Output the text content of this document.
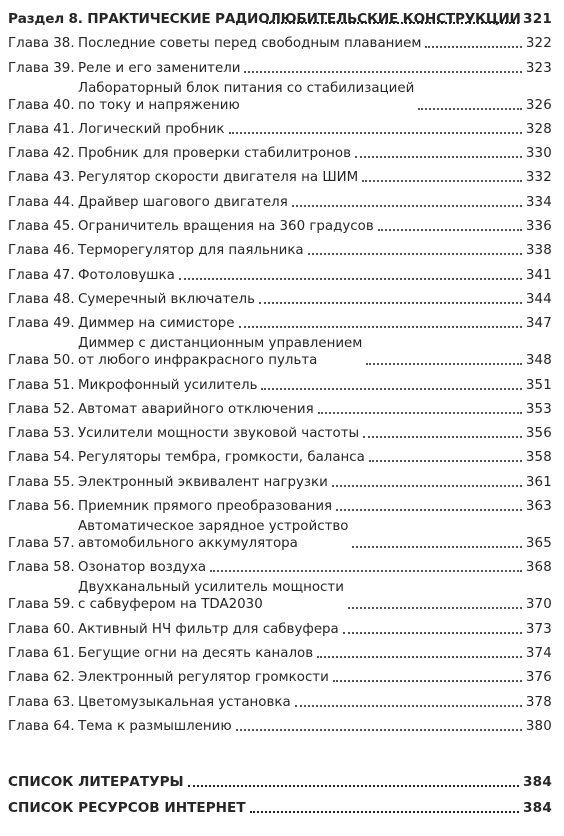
Раздел 8. ПРАКТИЧЕСКИЕ РАДИОЛЮБИТЕЛЬСКИЕ КОНСТРУКЦИИ 321
Глава 38. Последние советы перед свободным плаванием	322
Глава 39. Реле и его заменители	323
Глава 40.
Лабораторный блок питания со стабилизацией
по току и напряжению	326
Глава 41. Логический пробник	328
Глава 42. Пробник для проверки стабилитронов	330
Глава 43. Регулятор скорости двигателя на ШИМ	332
Глава 44. Драйвер шагового двигателя	334
Глава 45. Ограничитель вращения на 360 градусов	336
Глава 46. Терморегулятор для паяльника	338
Глава 47. Фотоловушка	341
Глава 48. Сумеречный включатель	344
Глава 49. Диммер на симисторе	347
Глава 50.
Диммер с дистанционным управлением
от любого инфракрасного пульта	348
Глава 51. Микрофонный усилитель	351
Глава 52. Автомат аварийного отключения	353
Глава 53. Усилители мощности звуковой частоты	356
Глава 54. Регуляторы тембра, громкости, баланса	358
Глава 55. Электронный эквивалент нагрузки	361
Глава 56. Приемник прямого преобразования	363
Глава 57.
Автоматическое зарядное устройство
автомобильного аккумулятора	365
Глава 58. Озонатор воздуха	368
Глава 59.
Двухканальный усилитель мощности
с сабвуфером на TDA2030	370
Глава 60. Активный НЧ фильтр для сабвуфера	373
Глава 61. Бегущие огни на десять каналов	374
Глава 62. Электронный регулятор громкости	376
Глава 63. Цветомузыкальная установка	378
Глава 64. Тема к размышлению	380
СПИСОК ЛИТЕРАТУРЫ	384
СПИСОК РЕСУРСОВ ИНТЕРНЕТ	384
